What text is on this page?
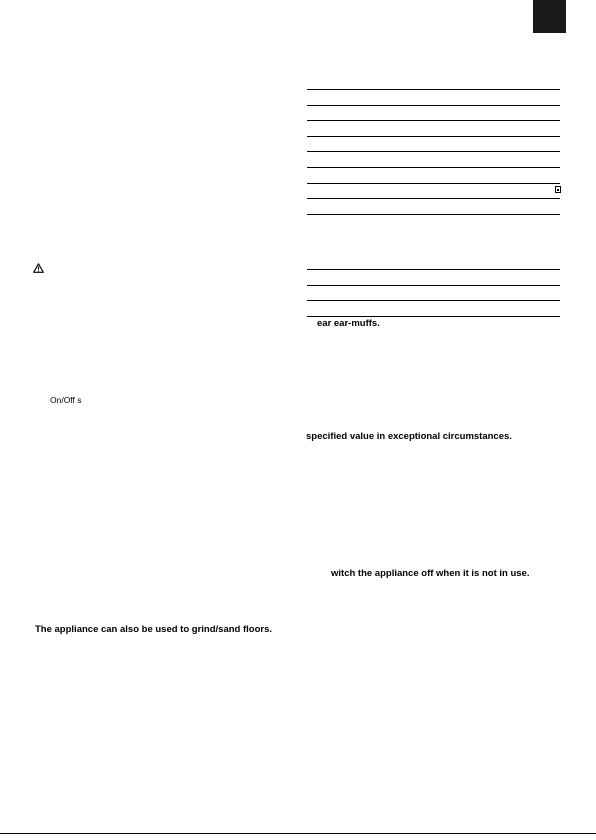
On/Off s
The appliance can also be used to grind/sand floors.
ear ear-muffs.
specified value in exceptional circumstances.
witch the appliance off when it is not in use.
